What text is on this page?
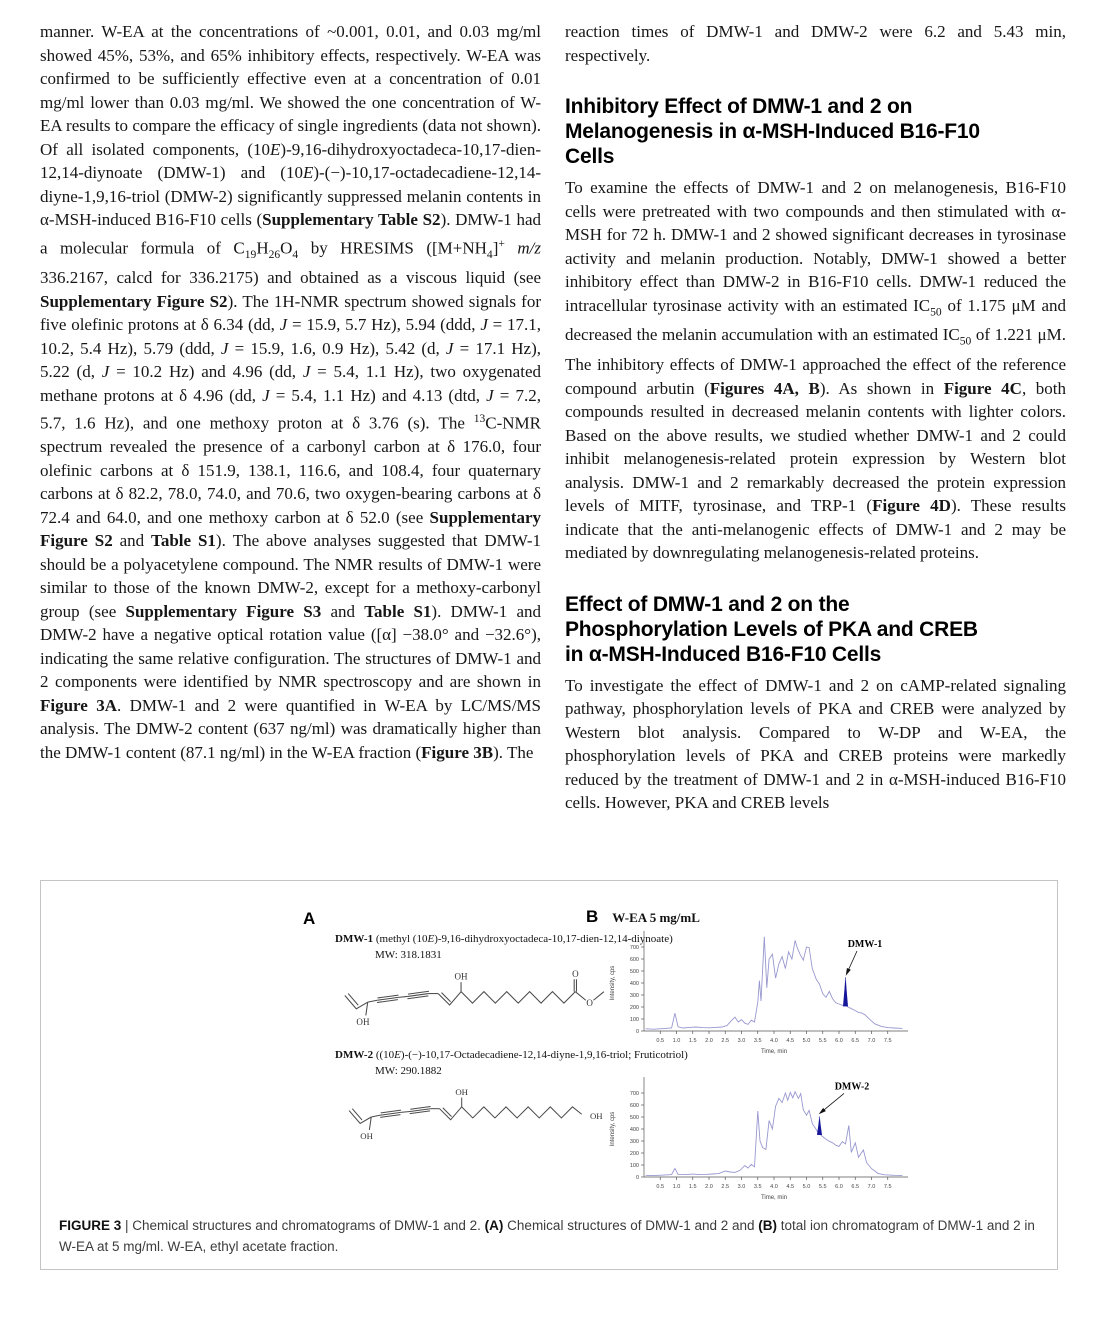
manner. W-EA at the concentrations of ~0.001, 0.01, and 0.03 mg/ml showed 45%, 53%, and 65% inhibitory effects, respectively. W-EA was confirmed to be sufficiently effective even at a concentration of 0.01 mg/ml lower than 0.03 mg/ml. We showed the one concentration of W-EA results to compare the efficacy of single ingredients (data not shown). Of all isolated components, (10E)-9,16-dihydroxyoctadeca-10,17-dien-12,14-diynoate (DMW-1) and (10E)-(−)-10,17-octadecadiene-12,14-diyne-1,9,16-triol (DMW-2) significantly suppressed melanin contents in α-MSH-induced B16-F10 cells (Supplementary Table S2). DMW-1 had a molecular formula of $C_{19}H_{26}O_4$ by HRESIMS ($[M+NH_4]^+$ m/z 336.2167, calcd for 336.2175) and obtained as a viscous liquid (see Supplementary Figure S2). The 1H-NMR spectrum showed signals for five olefinic protons at δ 6.34 (dd, J = 15.9, 5.7 Hz), 5.94 (ddd, J = 17.1, 10.2, 5.4 Hz), 5.79 (ddd, J = 15.9, 1.6, 0.9 Hz), 5.42 (d, J = 17.1 Hz), 5.22 (d, J = 10.2 Hz) and 4.96 (dd, J = 5.4, 1.1 Hz), two oxygenated methane protons at δ 4.96 (dd, J = 5.4, 1.1 Hz) and 4.13 (dtd, J = 7.2, 5.7, 1.6 Hz), and one methoxy proton at δ 3.76 (s). The $^{13}$C-NMR spectrum revealed the presence of a carbonyl carbon at δ 176.0, four olefinic carbons at δ 151.9, 138.1, 116.6, and 108.4, four quaternary carbons at δ 82.2, 78.0, 74.0, and 70.6, two oxygen-bearing carbons at δ 72.4 and 64.0, and one methoxy carbon at δ 52.0 (see Supplementary Figure S2 and Table S1). The above analyses suggested that DMW-1 should be a polyacetylene compound. The NMR results of DMW-1 were similar to those of the known DMW-2, except for a methoxy-carbonyl group (see Supplementary Figure S3 and Table S1). DMW-1 and DMW-2 have a negative optical rotation value ([α] −38.0° and −32.6°), indicating the same relative configuration. The structures of DMW-1 and 2 components were identified by NMR spectroscopy and are shown in Figure 3A. DMW-1 and 2 were quantified in W-EA by LC/MS/MS analysis. The DMW-2 content (637 ng/ml) was dramatically higher than the DMW-1 content (87.1 ng/ml) in the W-EA fraction (Figure 3B). The

reaction times of DMW-1 and DMW-2 were 6.2 and 5.43 min, respectively.

Inhibitory Effect of DMW-1 and 2 on
Melanogenesis in α-MSH-Induced B16-F10
Cells

To examine the effects of DMW-1 and 2 on melanogenesis, B16-F10 cells were pretreated with two compounds and then stimulated with α-MSH for 72 h. DMW-1 and 2 showed significant decreases in tyrosinase activity and melanin production. Notably, DMW-1 showed a better inhibitory effect than DMW-2 in B16-F10 cells. DMW-1 reduced the intracellular tyrosinase activity with an estimated $IC_{50}$ of 1.175 μM and decreased the melanin accumulation with an estimated $IC_{50}$ of 1.221 μM. The inhibitory effects of DMW-1 approached the effect of the reference compound arbutin (Figures 4A, B). As shown in Figure 4C, both compounds resulted in decreased melanin contents with lighter colors. Based on the above results, we studied whether DMW-1 and 2 could inhibit melanogenesis-related protein expression by Western blot analysis. DMW-1 and 2 remarkably decreased the protein expression levels of MITF, tyrosinase, and TRP-1 (Figure 4D). These results indicate that the anti-melanogenic effects of DMW-1 and 2 may be mediated by downregulating melanogenesis-related proteins.

Effect of DMW-1 and 2 on the
Phosphorylation Levels of PKA and CREB
in α-MSH-Induced B16-F10 Cells

To investigate the effect of DMW-1 and 2 on cAMP-related signaling pathway, phosphorylation levels of PKA and CREB were analyzed by Western blot analysis. Compared to W-DP and W-EA, the phosphorylation levels of PKA and CREB proteins were markedly reduced by the treatment of DMW-1 and 2 in α-MSH-induced B16-F10 cells. However, PKA and CREB levels

A
DMW-1 (methyl (10E)-9,16-dihydroxyoctadeca-10,17-dien-12,14-diynoate)
MW: 318.1831
OH
OH
O
O
DMW-2 ((10E)-(−)-10,17-Octadecadiene-12,14-diyne-1,9,16-triol; Fruticotriol)
MW: 290.1882
OH
OH
OH
B W-EA 5 mg/mL
0
100
200
300
400
500
600
700
0.5 1.0 1.5 2.0 2.5 3.0 3.5 4.0 4.5 5.0 5.5 6.0 6.5 7.0 7.5
Time, min
Intensity, cps
DMW-1
0
100
200
300
400
500
600
700
0.5 1.0 1.5 2.0 2.5 3.0 3.5 4.0 4.5 5.0 5.5 6.0 6.5 7.0 7.5
Time, min
Intensity, cps
DMW-2
FIGURE 3 | Chemical structures and chromatograms of DMW-1 and 2. (A) Chemical structures of DMW-1 and 2 and (B) total ion chromatogram of DMW-1 and 2 in W-EA at 5 mg/ml. W-EA, ethyl acetate fraction.
